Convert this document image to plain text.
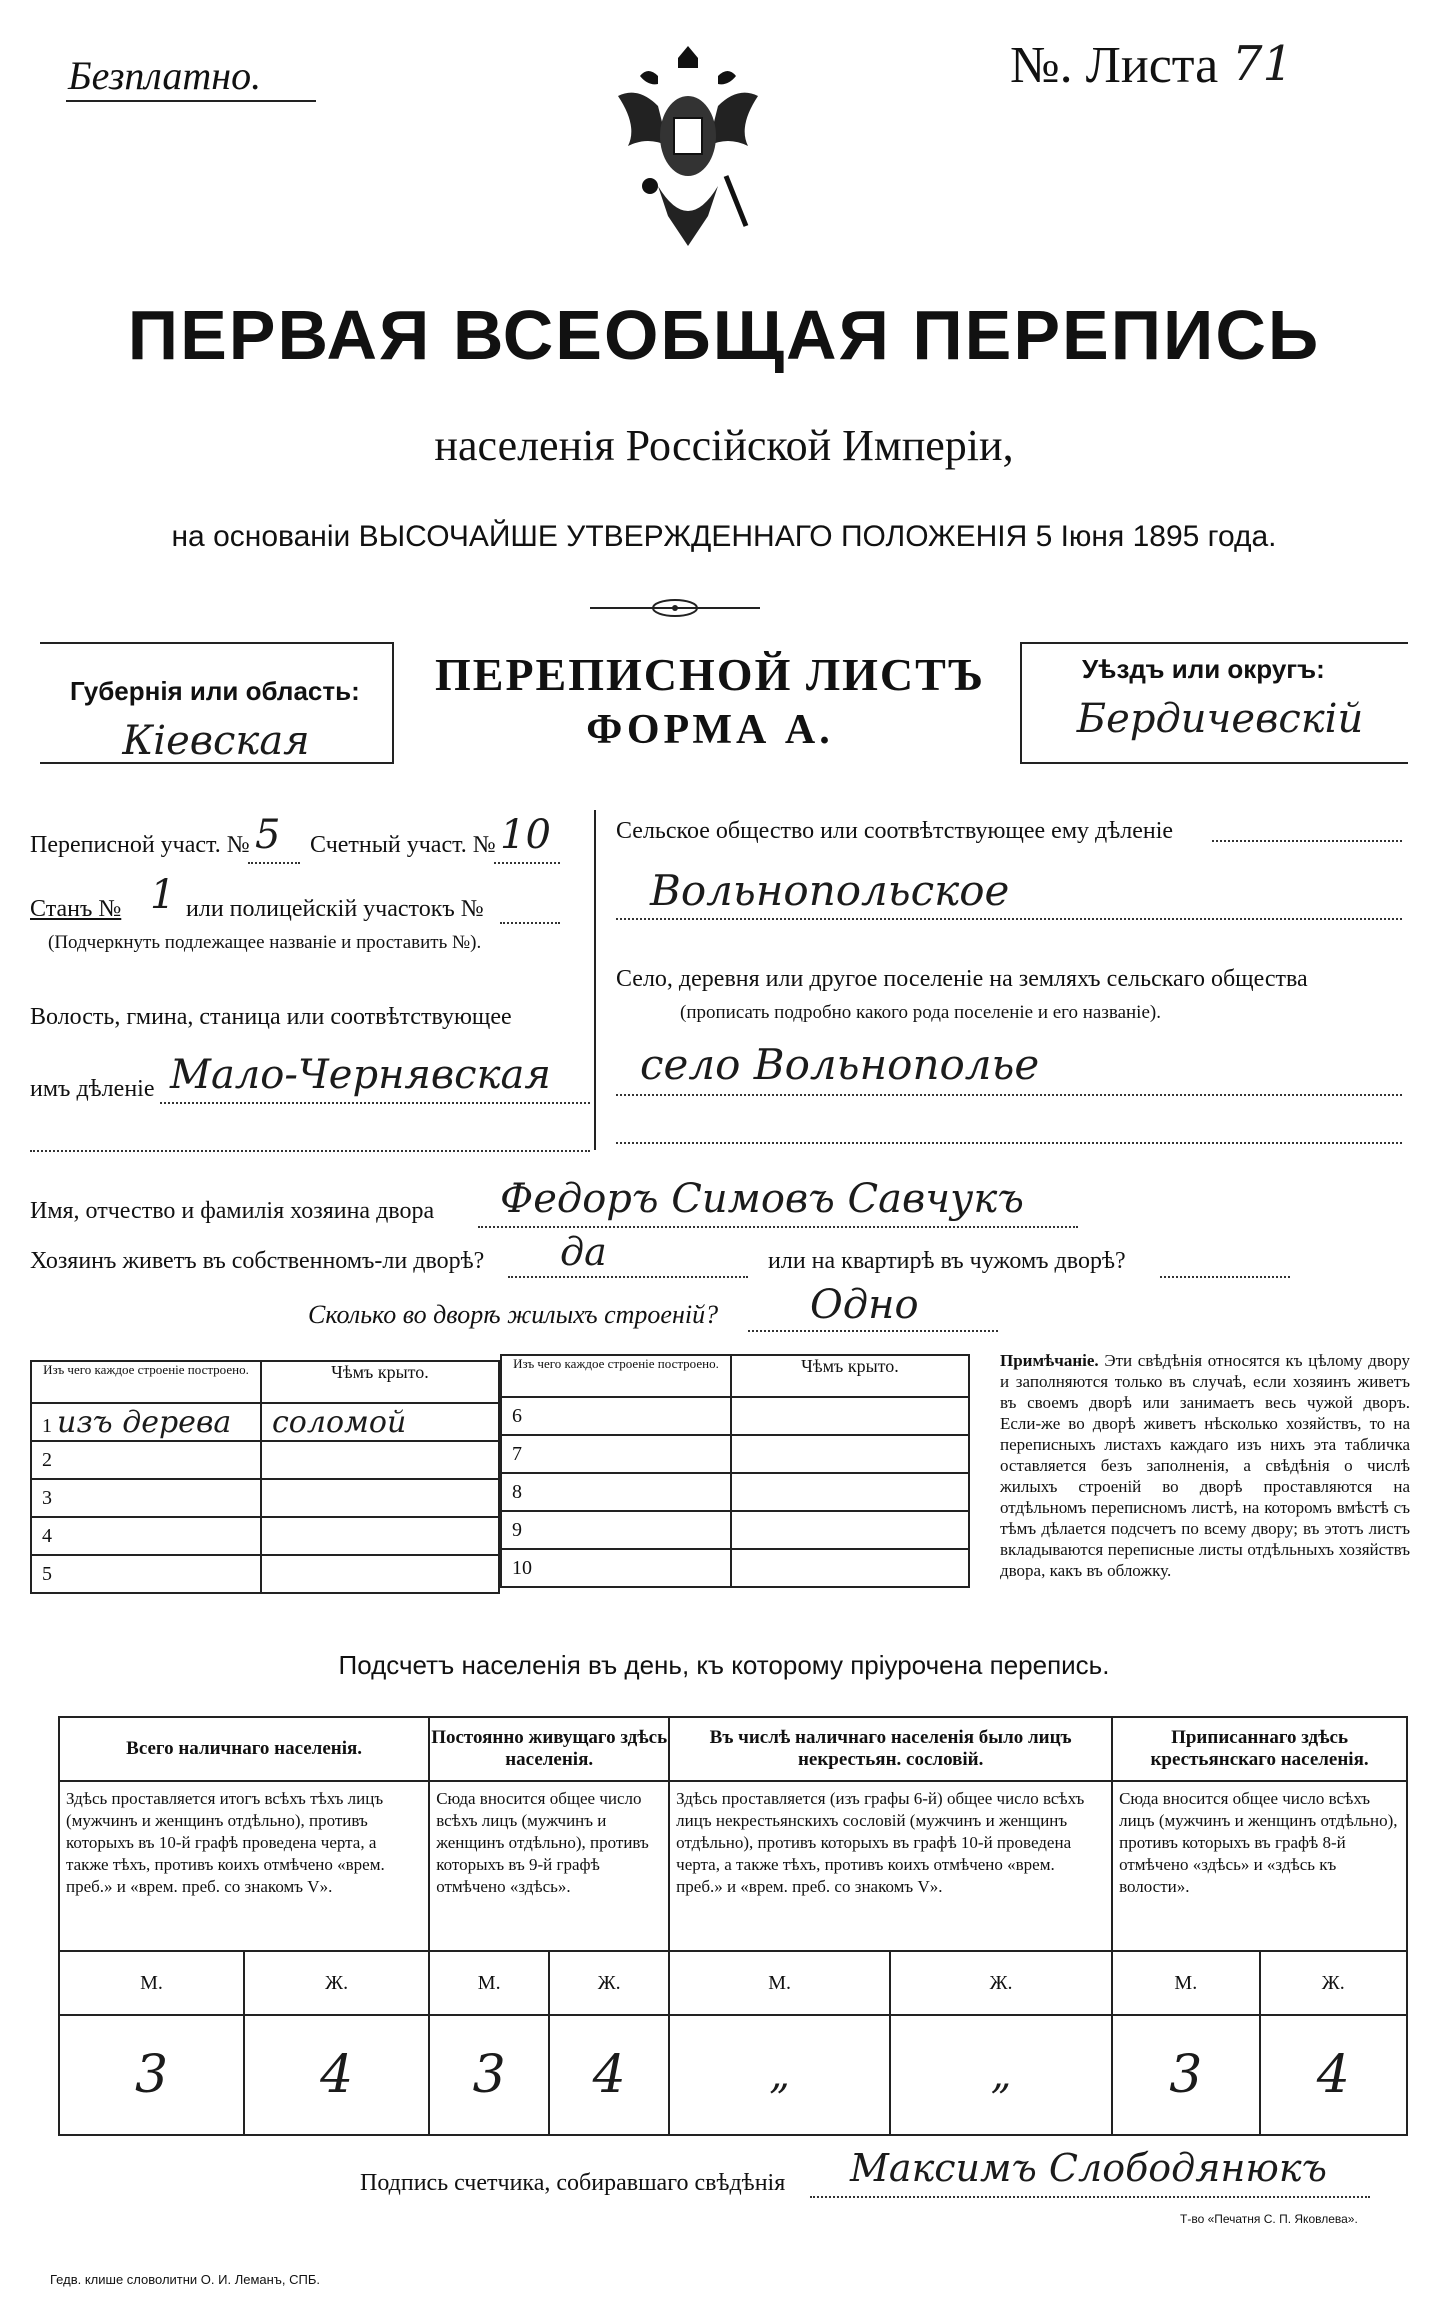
Безплатно.	№. Листа 71
ПЕРВАЯ ВСЕОБЩАЯ ПЕРЕПИСЬ
населенія Россійской Имперіи,
на основаніи ВЫСОЧАЙШЕ УТВЕРЖДЕННАГО ПОЛОЖЕНІЯ 5 Іюня 1895 года.
Губернія или область:
Кіевская
ПЕРЕПИСНОЙ ЛИСТЪ
ФОРМА А.
Уѣздъ или округъ:
Бердичевскій
Переписной участ. № 5 Счетный участ. № 10
Станъ № 1 или полицейскій участокъ №
(Подчеркнуть подлежащее названіе и проставить №).
Волость, гмина, станица или соотвѣтствующее
имъ дѣленіе Мало-Чернявская
Сельское общество или соотвѣтствующее ему дѣленіе
Вольнопольское
Село, деревня или другое поселеніе на земляхъ сельскаго общества
(прописать подробно какого рода поселеніе и его названіе).
село Вольнополье
Имя, отчество и фамилія хозяина двора Федоръ Симовъ Савчукъ
Хозяинъ живетъ въ собственномъ-ли дворѣ? да	или на квартирѣ въ чужомъ дворѣ?
Сколько во дворѣ жилыхъ строеній? Одно
Изъ чего каждое строеніе построено.	Чѣмъ крыто.
1 изъ дерева	соломой
2	
3	
4	
5	
Изъ чего каждое строеніе построено.	Чѣмъ крыто.
6	
7	
8	
9	
10	
Примѣчаніе. Эти свѣдѣнія относятся къ цѣлому двору и заполняются только въ случаѣ, если хозяинъ живетъ въ своемъ дворѣ или занимаетъ весь чужой дворъ. Если-же во дворѣ живетъ нѣсколько хозяйствъ, то на переписныхъ листахъ каждаго изъ нихъ эта табличка оставляется безъ заполненія, а свѣдѣнія о числѣ жилыхъ строеній во дворѣ проставляются на отдѣльномъ переписномъ листѣ, на которомъ вмѣстѣ съ тѣмъ дѣлается подсчетъ по всему двору; въ этотъ листъ вкладываются переписные листы отдѣльныхъ хозяйствъ двора, какъ въ обложку.
Подсчетъ населенія въ день, къ которому пріурочена перепись.
Всего наличнаго населенія.		Постоянно живущаго здѣсь населенія.		Въ числѣ наличнаго населенія было лицъ некрестьян. сословій.		Приписаннаго здѣсь крестьянскаго населенія.	
Здѣсь проставляется итогъ всѣхъ тѣхъ лицъ (мужчинъ и женщинъ отдѣльно), противъ которыхъ въ 10-й графѣ проведена черта, а также тѣхъ, противъ коихъ отмѣчено «врем. преб.» и «врем. преб. со знакомъ V».		Сюда вносится общее число всѣхъ лицъ (мужчинъ и женщинъ отдѣльно), противъ которыхъ въ 9-й графѣ отмѣчено «здѣсь».		Здѣсь проставляется (изъ графы 6-й) общее число всѣхъ лицъ некрестьянскихъ сословій (мужчинъ и женщинъ отдѣльно), противъ которыхъ въ графѣ 10-й проведена черта, а также тѣхъ, противъ коихъ отмѣчено «врем. преб.» и «врем. преб. со знакомъ V».		Сюда вносится общее число всѣхъ лицъ (мужчинъ и женщинъ отдѣльно), противъ которыхъ въ графѣ 8-й отмѣчено «здѣсь» и «здѣсь къ волости».	
М.	Ж.	М.	Ж.	М.	Ж.	М.	Ж.
3	4	3	4	„	„	3	4
Подпись счетчика, собиравшаго свѣдѣнія Максимъ Слободянюкъ
Гедв. клише словолитни О. И. Леманъ, СПБ.
Т-во «Печатня С. П. Яковлева».
